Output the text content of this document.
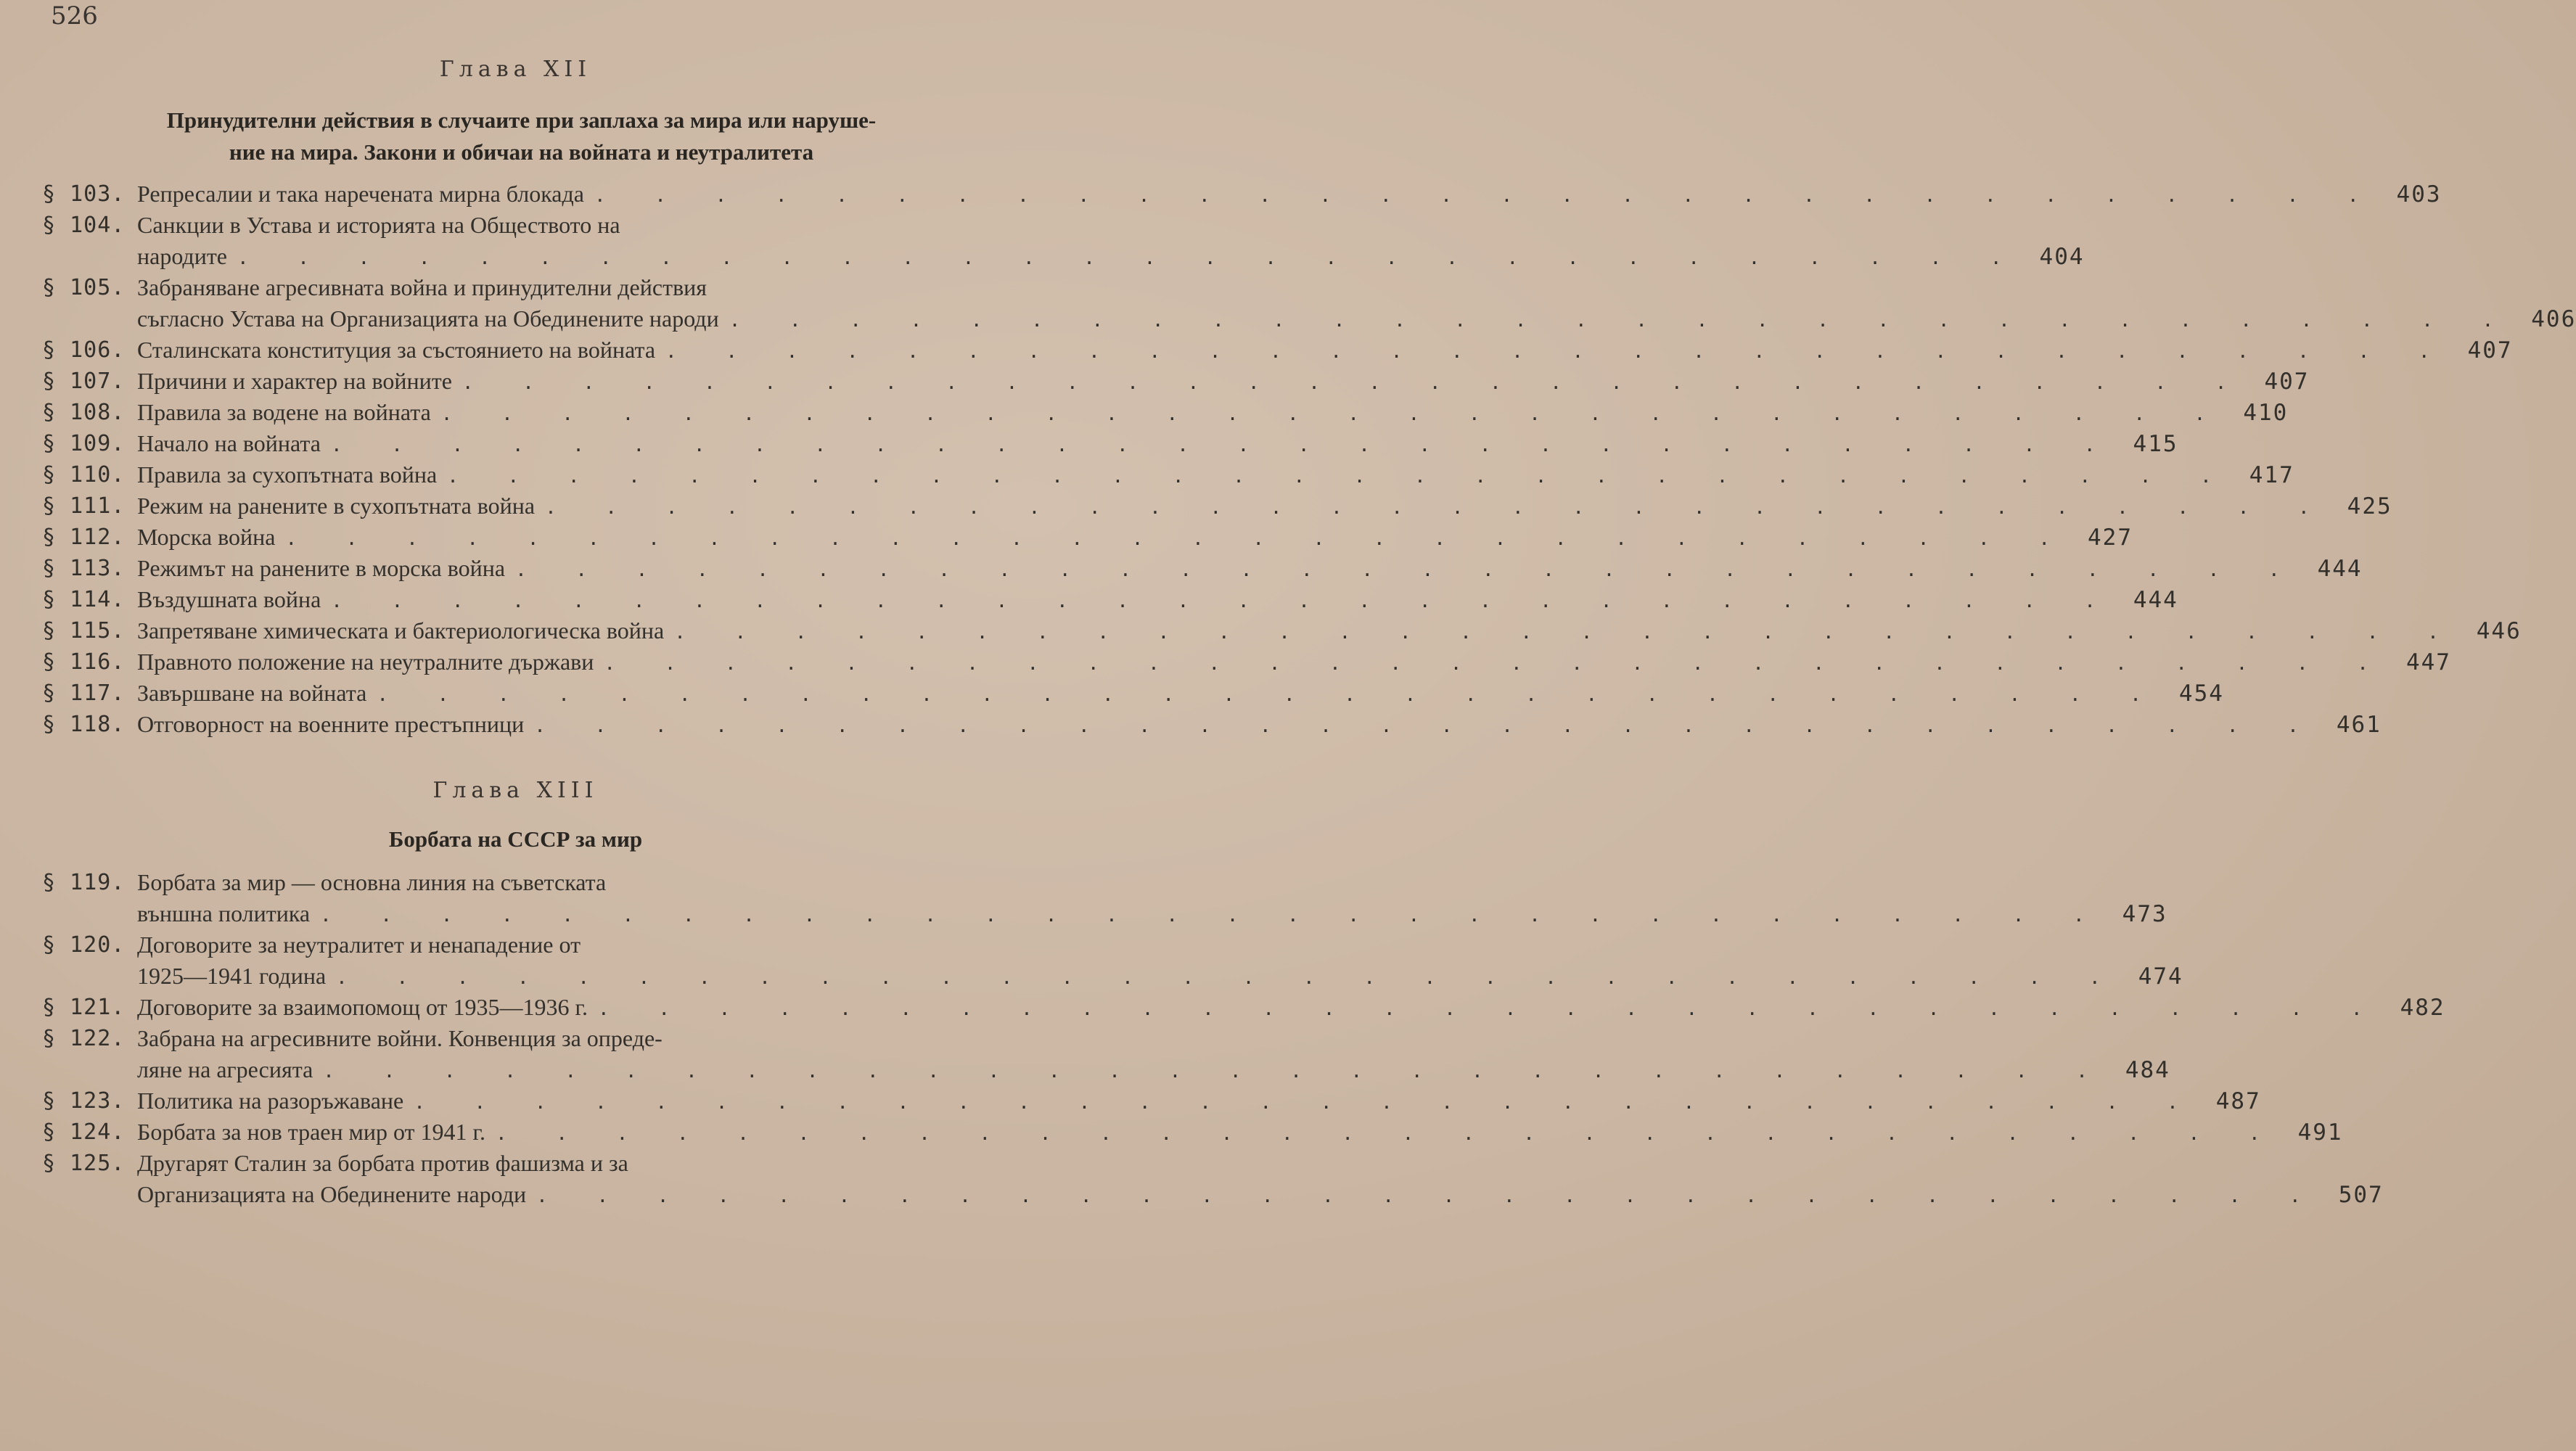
526
Глава XII
Принудителни действия в случаите при заплаха за мира или наруше-
ние на мира. Закони и обичаи на войната и неутралитета
§ 103. Репресалии и така наречената мирна блокада . . . . . . . . . . . . . . . . . . . . . . . . . . . . . . 403
§ 104. Санкции в Устава и историята на Обществото на
народите . . . . . . . . . . . . . . . . . . . . . . . . . . . . . . 404
§ 105. Забраняване агресивната война и принудителни действия
съгласно Устава на Организацията на Обединените народи . . . . . . . . . . . . . . . . . . . . . . . . . . . . . . 406
§ 106. Сталинската конституция за състоянието на войната . . . . . . . . . . . . . . . . . . . . . . . . . . . . . . 407
§ 107. Причини и характер на войните . . . . . . . . . . . . . . . . . . . . . . . . . . . . . . 407
§ 108. Правила за водене на войната . . . . . . . . . . . . . . . . . . . . . . . . . . . . . . 410
§ 109. Начало на войната . . . . . . . . . . . . . . . . . . . . . . . . . . . . . . 415
§ 110. Правила за сухопътната война . . . . . . . . . . . . . . . . . . . . . . . . . . . . . . 417
§ 111. Режим на ранените в сухопътната война . . . . . . . . . . . . . . . . . . . . . . . . . . . . . . 425
§ 112. Морска война . . . . . . . . . . . . . . . . . . . . . . . . . . . . . . 427
§ 113. Режимът на ранените в морска война . . . . . . . . . . . . . . . . . . . . . . . . . . . . . . 444
§ 114. Въздушната война . . . . . . . . . . . . . . . . . . . . . . . . . . . . . . 444
§ 115. Запретяване химическата и бактериологическа война . . . . . . . . . . . . . . . . . . . . . . . . . . . . . . 446
§ 116. Правното положение на неутралните държави . . . . . . . . . . . . . . . . . . . . . . . . . . . . . . 447
§ 117. Завършване на войната . . . . . . . . . . . . . . . . . . . . . . . . . . . . . . 454
§ 118. Отговорност на военните престъпници . . . . . . . . . . . . . . . . . . . . . . . . . . . . . . 461
Глава XIII
Борбата на СССР за мир
§ 119. Борбата за мир — основна линия на съветската
външна политика . . . . . . . . . . . . . . . . . . . . . . . . . . . . . . 473
§ 120. Договорите за неутралитет и ненападение от
1925—1941 година . . . . . . . . . . . . . . . . . . . . . . . . . . . . . . 474
§ 121. Договорите за взаимопомощ от 1935—1936 г. . . . . . . . . . . . . . . . . . . . . . . . . . . . . . . 482
§ 122. Забрана на агресивните войни. Конвенция за опреде-
ляне на агресията . . . . . . . . . . . . . . . . . . . . . . . . . . . . . . 484
§ 123. Политика на разоръжаване . . . . . . . . . . . . . . . . . . . . . . . . . . . . . . 487
§ 124. Борбата за нов траен мир от 1941 г. . . . . . . . . . . . . . . . . . . . . . . . . . . . . . . 491
§ 125. Другарят Сталин за борбата против фашизма и за
Организацията на Обединените народи . . . . . . . . . . . . . . . . . . . . . . . . . . . . . . 507
